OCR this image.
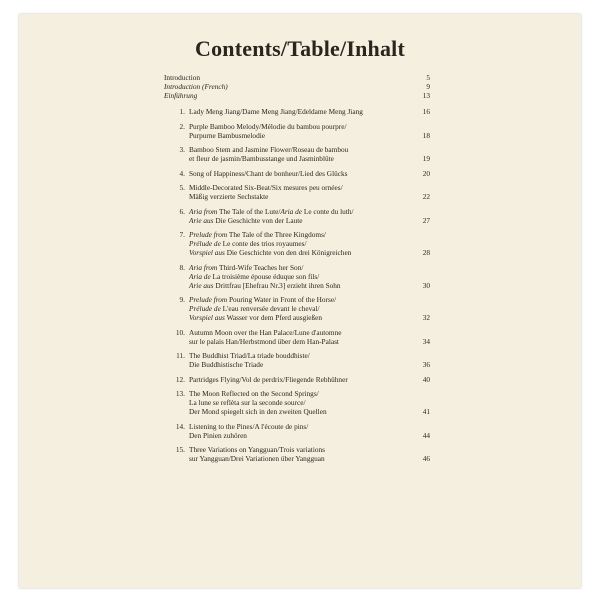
Contents/Table/Inhalt
Introduction	5
Introduction (French)	9
Einführung	13
1. Lady Meng Jiang/Dame Meng Jiang/Edeldame Meng Jiang	16
2. Purple Bamboo Melody/Mélodie du bambou pourpre/
Purpurne Bambusmelodie	18
3. Bamboo Stem and Jasmine Flower/Roseau de bambou
et fleur de jasmin/Bambusstange und Jasminblüte	19
4. Song of Happiness/Chant de bonheur/Lied des Glücks	20
5. Middle-Decorated Six-Beat/Six mesures peu ornées/
Mäßig verzierte Sechstakte	22
6. Aria from The Tale of the Lute/Aria de Le conte du luth/
Arie aus Die Geschichte von der Laute	27
7. Prelude from The Tale of the Three Kingdoms/
Prélude de Le conte des trios royaumes/
Vorspiel aus Die Geschichte von den drei Königreichen	28
8. Aria from Third-Wife Teaches her Son/
Aria de La troisième épouse éduque son fils/
Arie aus Drittfrau [Ehefrau Nr.3] erzieht ihren Sohn	30
9. Prelude from Pouring Water in Front of the Horse/
Prélude de L'eau renversée devant le cheval/
Vorspiel aus Wasser vor dem Pferd ausgießen	32
10. Autumn Moon over the Han Palace/Lune d'automne
sur le palais Han/Herbstmond über dem Han-Palast	34
11. The Buddhist Triad/La triade bouddhiste/
Die Buddhistische Triade	36
12. Partridges Flying/Vol de perdrix/Fliegende Rebhühner	40
13. The Moon Reflected on the Second Springs/
La lune se reflèta sur la seconde source/
Der Mond spiegelt sich in den zweiten Quellen	41
14. Listening to the Pines/A l'écoute de pins/
Den Pinien zuhören	44
15. Three Variations on Yangguan/Trois variations
sur Yangguan/Drei Variationen über Yangguan	46
